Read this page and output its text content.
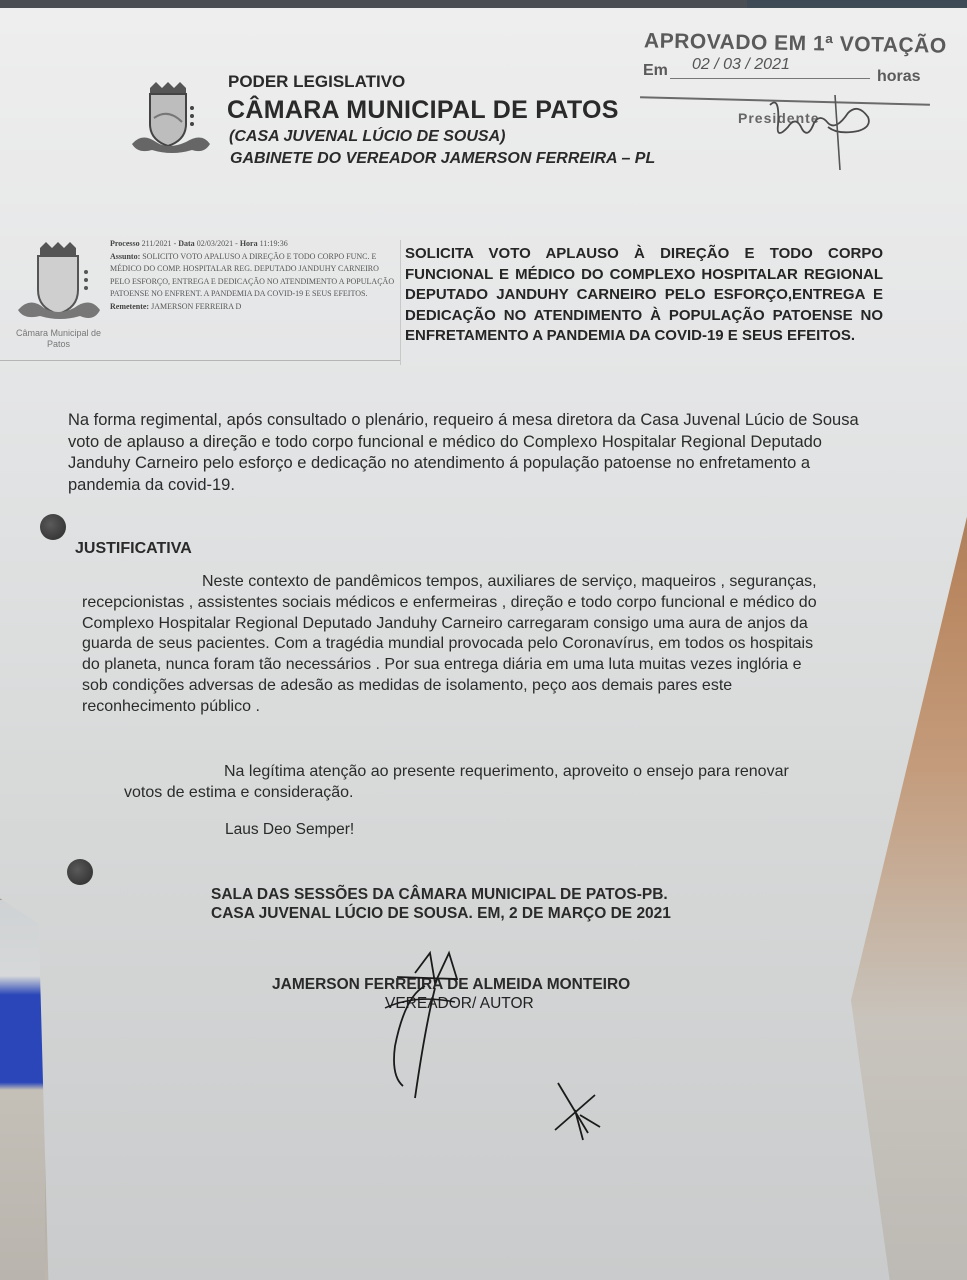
APROVADO EM 1ª VOTAÇÃO
Em 02 / 03 / 2021
horas
Presidente
PODER LEGISLATIVO
CÂMARA MUNICIPAL DE PATOS
(CASA JUVENAL LÚCIO DE SOUSA)
GABINETE DO VEREADOR JAMERSON FERREIRA – PL
Câmara Municipal de Patos
Processo 211/2021 - Data 02/03/2021 - Hora 11:19:36
Assunto: SOLICITO VOTO APALUSO A DIREÇÃO E TODO CORPO FUNC. E MÉDICO DO COMP. HOSPITALAR REG. DEPUTADO JANDUHY CARNEIRO PELO ESFORÇO, ENTREGA E DEDICAÇÃO NO ATENDIMENTO A POPULAÇÃO PATOENSE NO ENFRENT. A PANDEMIA DA COVID-19 E SEUS EFEITOS.
Remetente: JAMERSON FERREIRA D
SOLICITA VOTO APLAUSO À DIREÇÃO E TODO CORPO FUNCIONAL E MÉDICO DO COMPLEXO HOSPITALAR REGIONAL DEPUTADO JANDUHY CARNEIRO PELO ESFORÇO,ENTREGA E DEDICAÇÃO NO ATENDIMENTO À POPULAÇÃO PATOENSE NO ENFRETAMENTO A PANDEMIA DA COVID-19 E SEUS EFEITOS.
Na forma regimental, após consultado o plenário, requeiro á mesa diretora da Casa Juvenal Lúcio de Sousa voto de aplauso a direção e todo corpo funcional e médico do Complexo Hospitalar Regional Deputado Janduhy Carneiro pelo esforço e dedicação no atendimento á população patoense no enfretamento a pandemia da covid-19.
JUSTIFICATIVA
Neste contexto de pandêmicos tempos, auxiliares de serviço, maqueiros , seguranças, recepcionistas , assistentes sociais médicos e enfermeiras , direção e todo corpo funcional e médico do Complexo Hospitalar Regional Deputado Janduhy Carneiro carregaram consigo uma aura de anjos da guarda de seus pacientes. Com a tragédia mundial provocada pelo Coronavírus, em todos os hospitais do planeta, nunca foram tão necessários . Por sua entrega diária em uma luta muitas vezes inglória e sob condições adversas de adesão as medidas de isolamento, peço aos demais pares este reconhecimento público .
Na legítima atenção ao presente requerimento, aproveito o ensejo para renovar votos de estima e consideração.
Laus Deo Semper!
SALA DAS SESSÕES DA CÂMARA MUNICIPAL DE PATOS-PB.
CASA JUVENAL LÚCIO DE SOUSA. EM, 2 DE MARÇO DE 2021
JAMERSON FERREIRA DE ALMEIDA MONTEIRO
VEREADOR/ AUTOR
